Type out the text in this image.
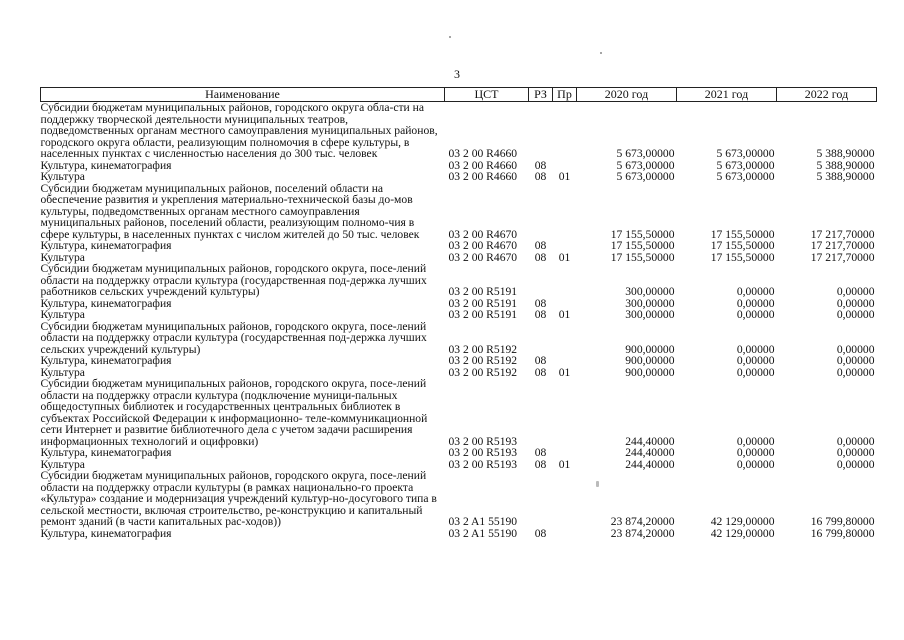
3
Наименование	ЦСТ	РЗ	Пр	2020 год	2021 год	2022 год
Субсидии бюджетам муниципальных районов, городского округа обла-сти на поддержку творческой деятельности муниципальных театров, подведомственных органам местного самоуправления муниципальных районов, городского округа области, реализующим полномочия в сфере культуры, в населенных пунктах с численностью населения до 300 тыс. человек	03 2 00 R4660			5 673,00000	5 673,00000	5 388,90000
Культура, кинематография	03 2 00 R4660	08		5 673,00000	5 673,00000	5 388,90000
Культура	03 2 00 R4660	08	01	5 673,00000	5 673,00000	5 388,90000
Субсидии бюджетам муниципальных районов, поселений области на обеспечение развития и укрепления материально-технической базы до-мов культуры, подведомственных органам местного самоуправления муниципальных районов, поселений области, реализующим полномо-чия в сфере культуры, в населенных пунктах с числом жителей до 50 тыс. человек	03 2 00 R4670			17 155,50000	17 155,50000	17 217,70000
Культура, кинематография	03 2 00 R4670	08		17 155,50000	17 155,50000	17 217,70000
Культура	03 2 00 R4670	08	01	17 155,50000	17 155,50000	17 217,70000
Субсидии бюджетам муниципальных районов, городского округа, посе-лений области на поддержку отрасли культура (государственная под-держка лучших работников сельских учреждений культуры)	03 2 00 R5191			300,00000	0,00000	0,00000
Культура, кинематография	03 2 00 R5191	08		300,00000	0,00000	0,00000
Культура	03 2 00 R5191	08	01	300,00000	0,00000	0,00000
Субсидии бюджетам муниципальных районов, городского округа, посе-лений области на поддержку отрасли культура (государственная под-держка лучших сельских учреждений культуры)	03 2 00 R5192			900,00000	0,00000	0,00000
Культура, кинематография	03 2 00 R5192	08		900,00000	0,00000	0,00000
Культура	03 2 00 R5192	08	01	900,00000	0,00000	0,00000
Субсидии бюджетам муниципальных районов, городского округа, посе-лений области на поддержку отрасли культура (подключение муници-пальных общедоступных библиотек и государственных центральных библиотек в субъектах Российской Федерации к информационно- теле-коммуникационной сети Интернет и развитие библиотечного дела с учетом задачи расширения информационных технологий и оцифровки)	03 2 00 R5193			244,40000	0,00000	0,00000
Культура, кинематография	03 2 00 R5193	08		244,40000	0,00000	0,00000
Культура	03 2 00 R5193	08	01	244,40000	0,00000	0,00000
Субсидии бюджетам муниципальных районов, городского округа, посе-лений области на поддержку отрасли культуры (в рамках национально-го проекта «Культура» создание и модернизация учреждений культур-но-досугового типа в сельской местности, включая строительство, ре-конструкцию и капитальный ремонт зданий (в части капитальных рас-ходов))	03 2 A1 55190			23 874,20000	42 129,00000	16 799,80000
Культура, кинематография	03 2 A1 55190	08		23 874,20000	42 129,00000	16 799,80000
